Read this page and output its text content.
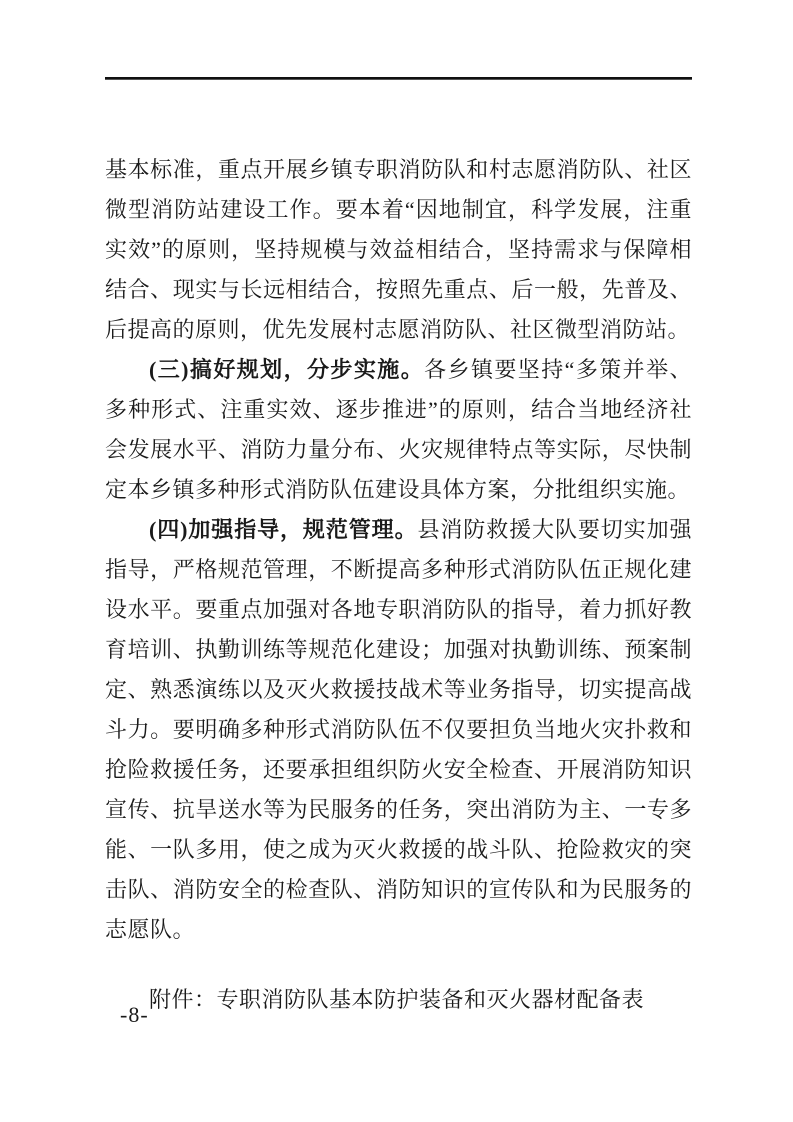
基本标准，重点开展乡镇专职消防队和村志愿消防队、社区微型消防站建设工作。要本着“因地制宜，科学发展，注重实效”的原则，坚持规模与效益相结合，坚持需求与保障相结合、现实与长远相结合，按照先重点、后一般，先普及、后提高的原则，优先发展村志愿消防队、社区微型消防站。

(三)搞好规划，分步实施。各乡镇要坚持“多策并举、多种形式、注重实效、逐步推进”的原则，结合当地经济社会发展水平、消防力量分布、火灾规律特点等实际，尽快制定本乡镇多种形式消防队伍建设具体方案，分批组织实施。

(四)加强指导，规范管理。县消防救援大队要切实加强指导，严格规范管理，不断提高多种形式消防队伍正规化建设水平。要重点加强对各地专职消防队的指导，着力抓好教育培训、执勤训练等规范化建设；加强对执勤训练、预案制定、熟悉演练以及灭火救援技战术等业务指导，切实提高战斗力。要明确多种形式消防队伍不仅要担负当地火灾扑救和抢险救援任务，还要承担组织防火安全检查、开展消防知识宣传、抗旱送水等为民服务的任务，突出消防为主、一专多能、一队多用，使之成为灭火救援的战斗队、抢险救灾的突击队、消防安全的检查队、消防知识的宣传队和为民服务的志愿队。

附件：专职消防队基本防护装备和灭火器材配备表

-8-
